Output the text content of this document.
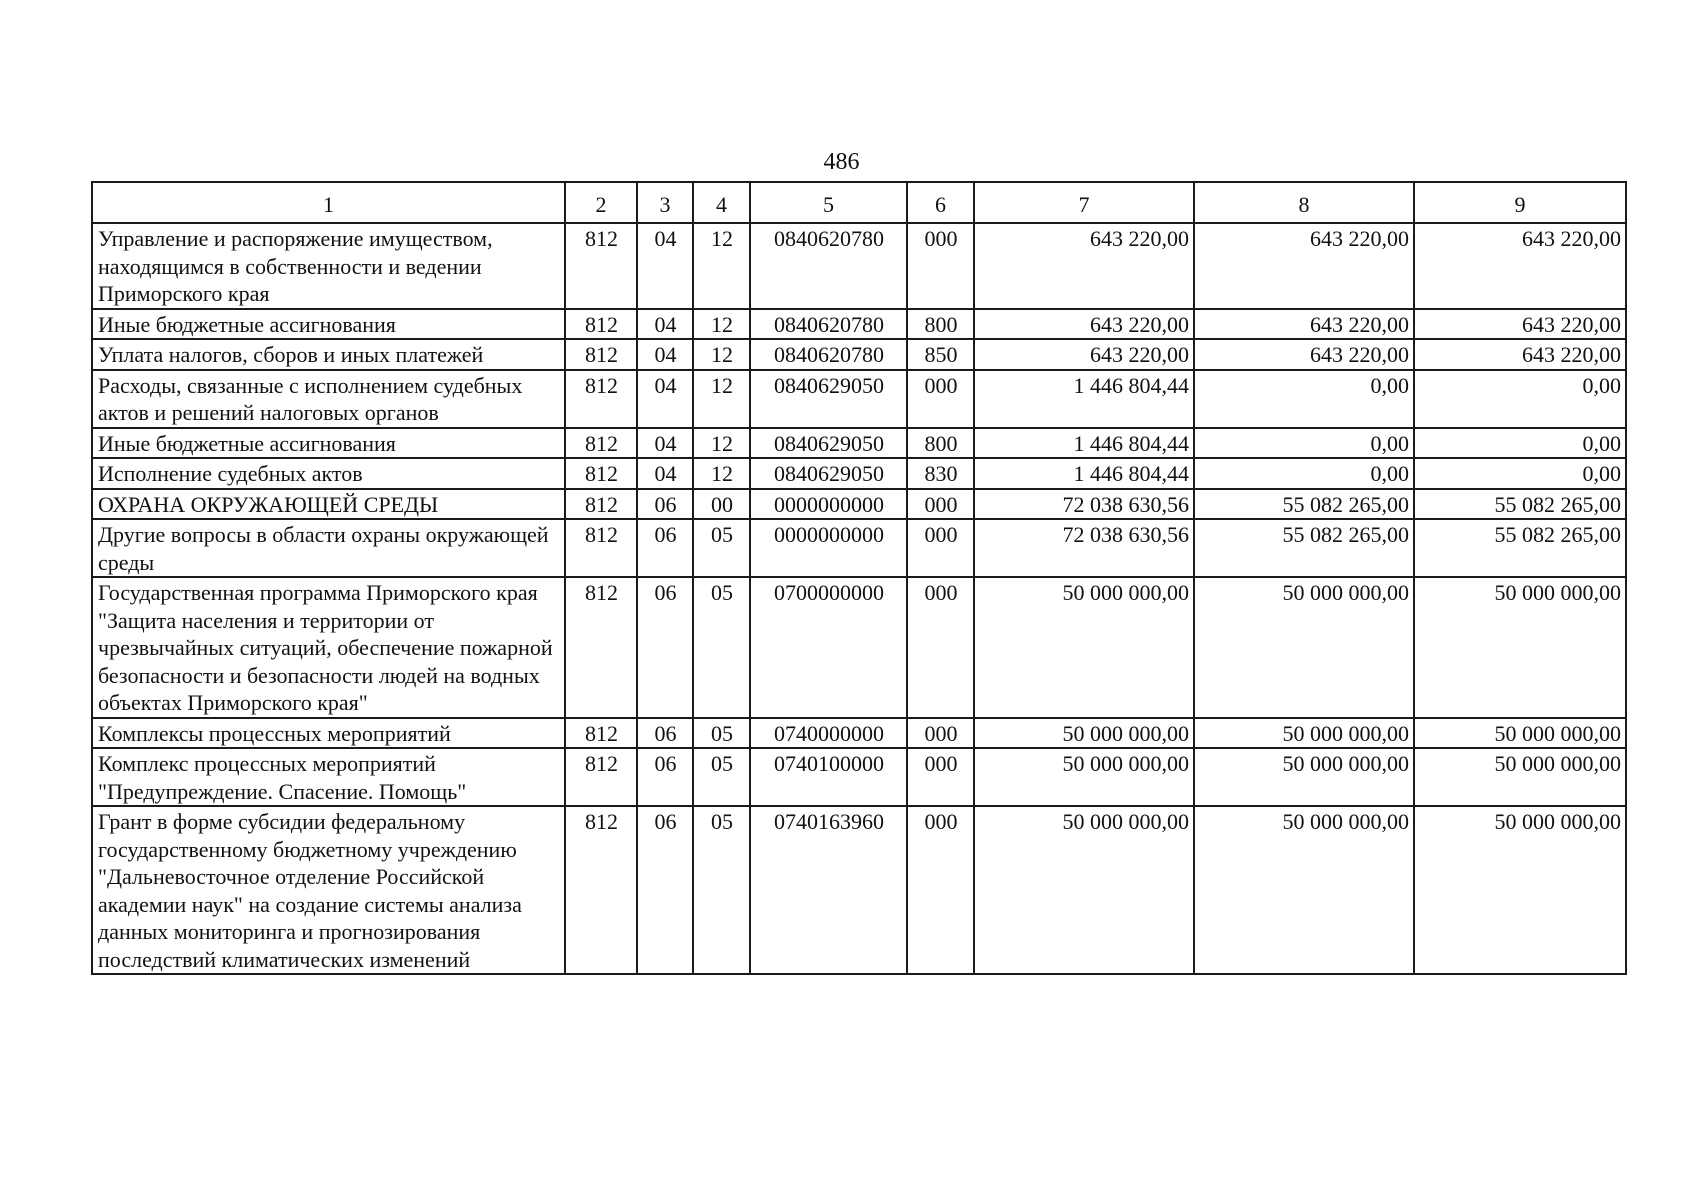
486
1	2	3	4	5	6	7	8	9
Управление и распоряжение имуществом, находящимся в собственности и ведении Приморского края	812	04	12	0840620780	000	643 220,00	643 220,00	643 220,00
Иные бюджетные ассигнования	812	04	12	0840620780	800	643 220,00	643 220,00	643 220,00
Уплата налогов, сборов и иных платежей	812	04	12	0840620780	850	643 220,00	643 220,00	643 220,00
Расходы, связанные с исполнением судебных актов и решений налоговых органов	812	04	12	0840629050	000	1 446 804,44	0,00	0,00
Иные бюджетные ассигнования	812	04	12	0840629050	800	1 446 804,44	0,00	0,00
Исполнение судебных актов	812	04	12	0840629050	830	1 446 804,44	0,00	0,00
ОХРАНА ОКРУЖАЮЩЕЙ СРЕДЫ	812	06	00	0000000000	000	72 038 630,56	55 082 265,00	55 082 265,00
Другие вопросы в области охраны окружающей среды	812	06	05	0000000000	000	72 038 630,56	55 082 265,00	55 082 265,00
Государственная программа Приморского края "Защита населения и территории от чрезвычайных ситуаций, обеспечение пожарной безопасности и безопасности людей на водных объектах Приморского края"	812	06	05	0700000000	000	50 000 000,00	50 000 000,00	50 000 000,00
Комплексы процессных мероприятий	812	06	05	0740000000	000	50 000 000,00	50 000 000,00	50 000 000,00
Комплекс процессных мероприятий "Предупреждение. Спасение. Помощь"	812	06	05	0740100000	000	50 000 000,00	50 000 000,00	50 000 000,00
Грант в форме субсидии федеральному государственному бюджетному учреждению "Дальневосточное отделение Российской академии наук" на создание системы анализа данных мониторинга и прогнозирования последствий климатических изменений	812	06	05	0740163960	000	50 000 000,00	50 000 000,00	50 000 000,00
